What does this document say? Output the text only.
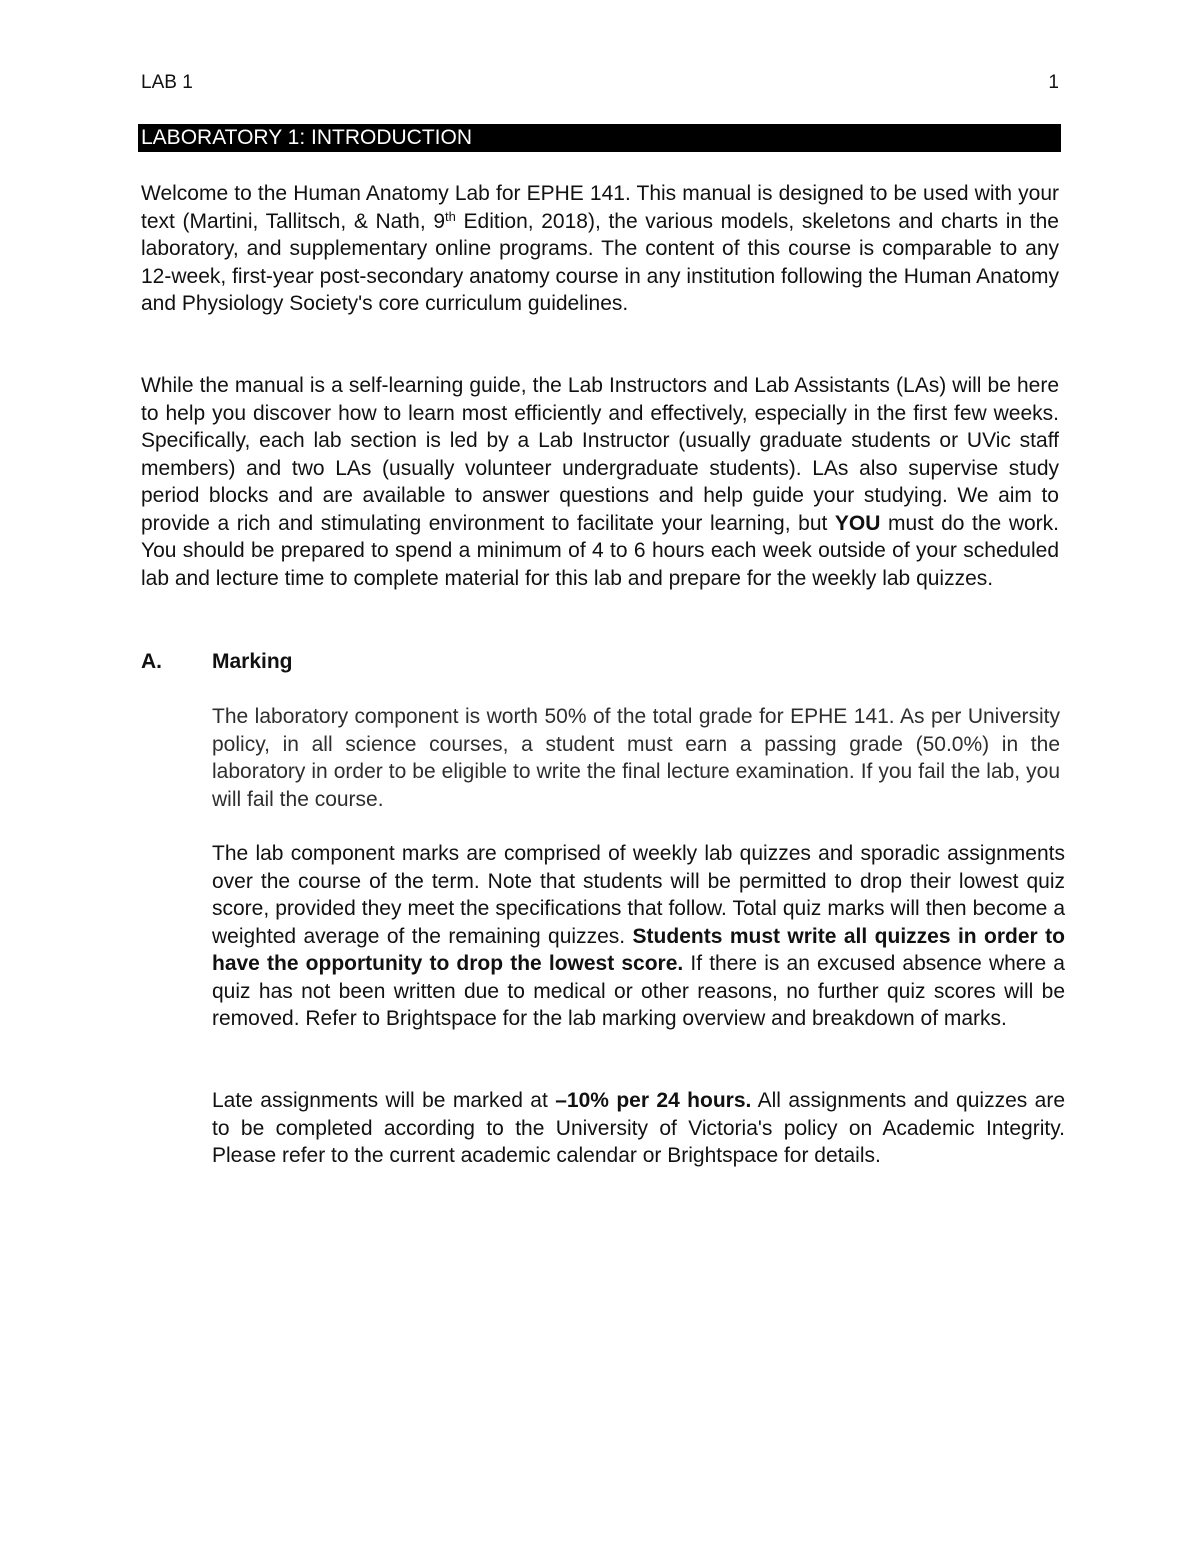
LAB 1	1
LABORATORY 1: INTRODUCTION
Welcome to the Human Anatomy Lab for EPHE 141. This manual is designed to be used with your text (Martini, Tallitsch, & Nath, 9th Edition, 2018), the various models, skeletons and charts in the laboratory, and supplementary online programs. The content of this course is comparable to any 12-week, first-year post-secondary anatomy course in any institution following the Human Anatomy and Physiology Society's core curriculum guidelines.
While the manual is a self-learning guide, the Lab Instructors and Lab Assistants (LAs) will be here to help you discover how to learn most efficiently and effectively, especially in the first few weeks. Specifically, each lab section is led by a Lab Instructor (usually graduate students or UVic staff members) and two LAs (usually volunteer undergraduate students). LAs also supervise study period blocks and are available to answer questions and help guide your studying. We aim to provide a rich and stimulating environment to facilitate your learning, but YOU must do the work. You should be prepared to spend a minimum of 4 to 6 hours each week outside of your scheduled lab and lecture time to complete material for this lab and prepare for the weekly lab quizzes.
A. Marking
The laboratory component is worth 50% of the total grade for EPHE 141. As per University policy, in all science courses, a student must earn a passing grade (50.0%) in the laboratory in order to be eligible to write the final lecture examination. If you fail the lab, you will fail the course.
The lab component marks are comprised of weekly lab quizzes and sporadic assignments over the course of the term. Note that students will be permitted to drop their lowest quiz score, provided they meet the specifications that follow. Total quiz marks will then become a weighted average of the remaining quizzes. Students must write all quizzes in order to have the opportunity to drop the lowest score. If there is an excused absence where a quiz has not been written due to medical or other reasons, no further quiz scores will be removed. Refer to Brightspace for the lab marking overview and breakdown of marks.
Late assignments will be marked at –10% per 24 hours. All assignments and quizzes are to be completed according to the University of Victoria's policy on Academic Integrity. Please refer to the current academic calendar or Brightspace for details.
